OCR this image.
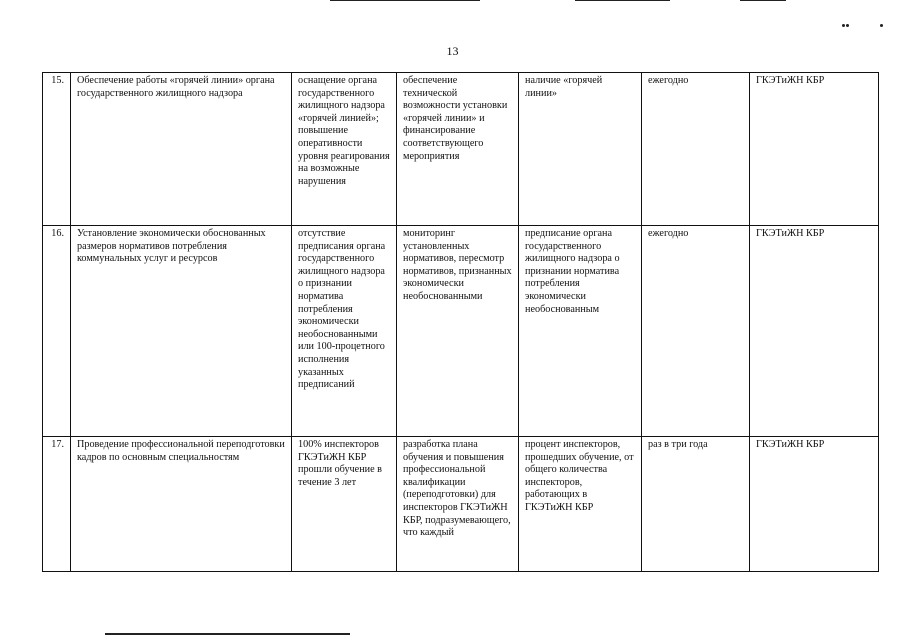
13
15.	Обеспечение работы «горячей линии» органа государственного жилищного надзора	оснащение органа государственного жилищного надзора «горячей линией»; повышение оперативности уровня реагирования на возможные нарушения	обеспечение технической возможности установки «горячей линии» и финансирование соответствующего мероприятия	наличие «горячей линии»	ежегодно	ГКЭТиЖН КБР
16.	Установление экономически обоснованных размеров нормативов потребления коммунальных услуг и ресурсов	отсутствие предписания органа государственного жилищного надзора о признании норматива потребления экономически необоснованными или 100-процетного исполнения указанных предписаний	мониторинг установленных нормативов, пересмотр нормативов, признанных экономически необоснованными	предписание органа государственного жилищного надзора о признании норматива потребления экономически необоснованным	ежегодно	ГКЭТиЖН КБР
17.	Проведение профессиональной переподготовки кадров по основным специальностям	100% инспекторов ГКЭТиЖН КБР прошли обучение в течение 3 лет	разработка плана обучения и повышения профессиональной квалификации (переподготовки) для инспекторов ГКЭТиЖН КБР, подразумевающего, что каждый	процент инспекторов, прошедших обучение, от общего количества инспекторов, работающих в ГКЭТиЖН КБР	раз в три года	ГКЭТиЖН КБР
